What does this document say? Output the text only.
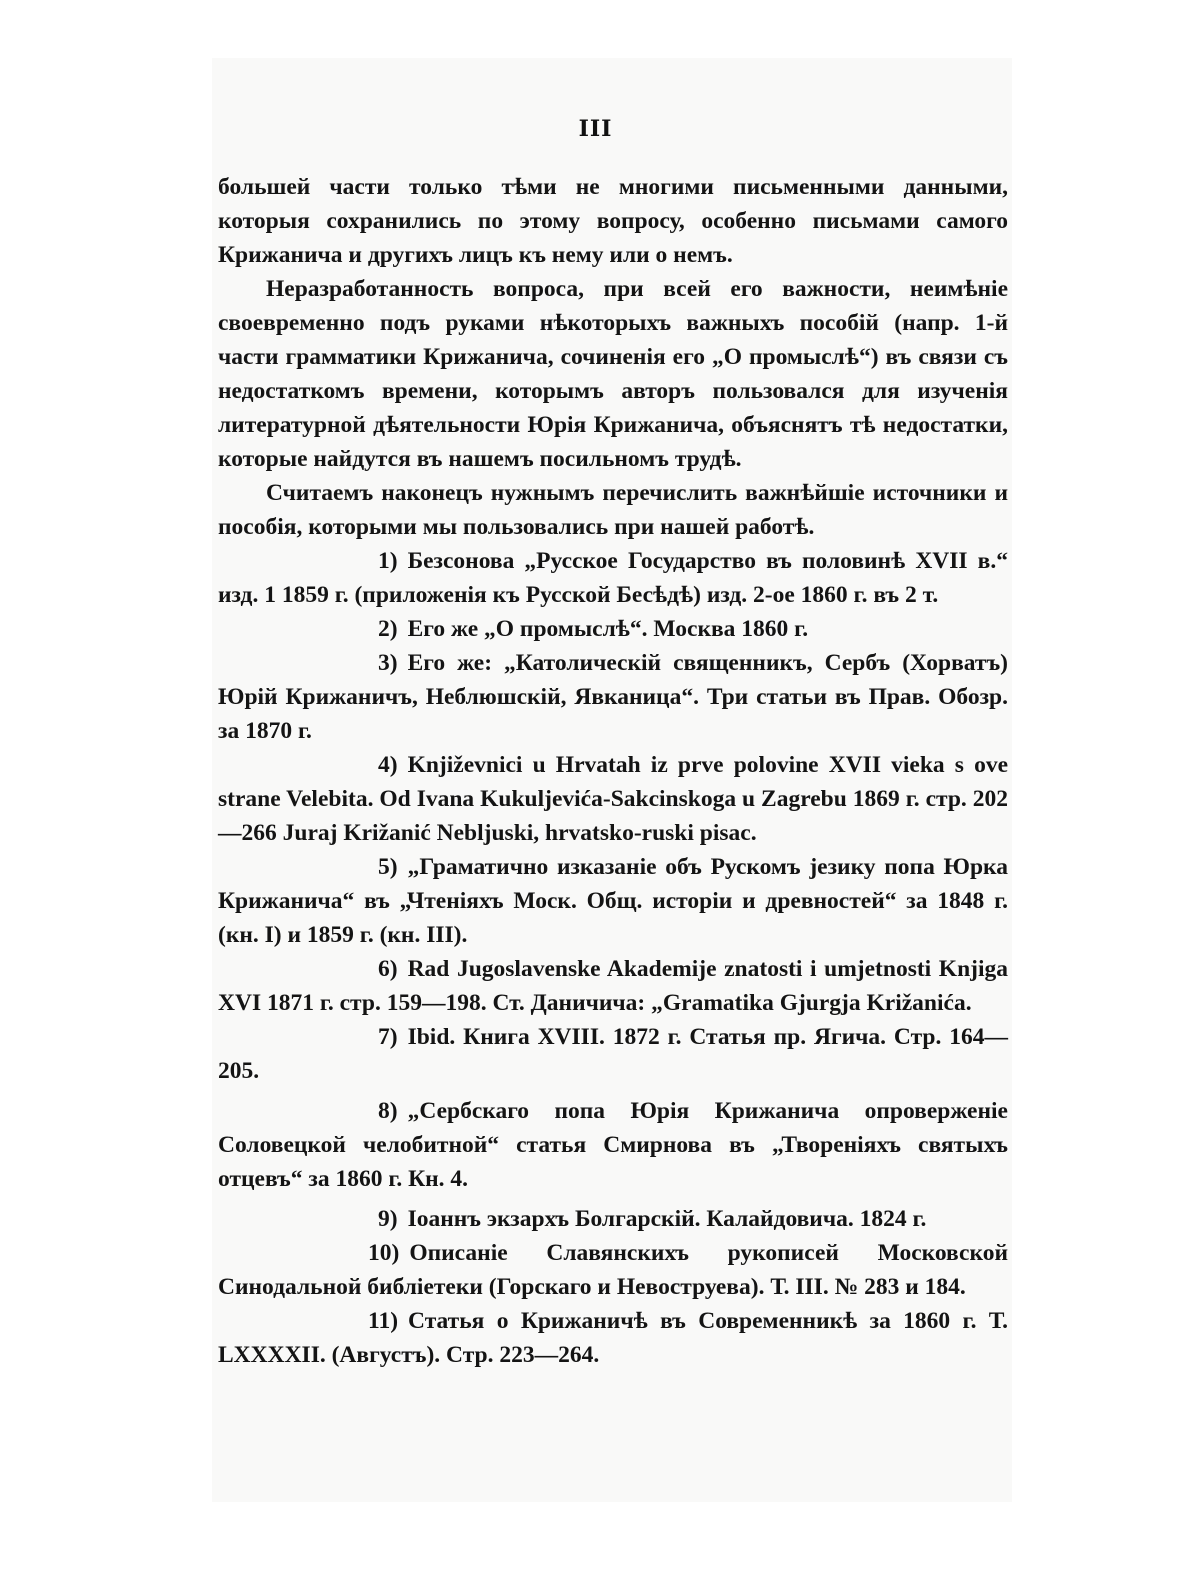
III

большей части только тѣми не многими письменными данными, которыя сохранились по этому вопросу, особенно письмами самого Крижанича и другихъ лицъ къ нему или о немъ.

Неразработанность вопроса, при всей его важности, неимѣніе своевременно подъ руками нѣкоторыхъ важныхъ пособій (напр. 1-й части грамматики Крижанича, сочиненія его „О промыслѣ“) въ связи съ недостаткомъ времени, которымъ авторъ пользовался для изученія литературной дѣятельности Юрія Крижанича, объяснятъ тѣ недостатки, которые найдутся въ нашемъ посильномъ трудѣ.

Считаемъ наконецъ нужнымъ перечислить важнѣйшіе источники и пособія, которыми мы пользовались при нашей работѣ.

1) Безсонова „Русское Государство въ половинѣ XVII в.“ изд. 1 1859 г. (приложенія къ Русской Бесѣдѣ) изд. 2-ое 1860 г. въ 2 т.

2) Его же „О промыслѣ“. Москва 1860 г.

3) Его же: „Католическій священникъ, Сербъ (Хорватъ) Юрій Крижаничъ, Неблюшскій, Явканица“. Три статьи въ Прав. Обозр. за 1870 г.

4) Književnici u Hrvatah iz prve polovine XVII vieka s ove strane Velebita. Od Ivana Kukuljevića-Sakcinskoga u Zagrebu 1869 г. стр. 202—266 Juraj Križanić Nebljuski, hrvatsko-ruski pisac.

5) „Граматично изказаніе объ Рускомъ језику попа Юрка Крижанича“ въ „Чтеніяхъ Моск. Общ. исторіи и древностей“ за 1848 г. (кн. I) и 1859 г. (кн. III).

6) Rad Jugoslavenske Akademije znatosti i umjetnosti Knjiga XVI 1871 г. стр. 159—198. Ст. Даничича: „Gramatika Gjurgja Križanića.

7) Ibid. Книга XVIII. 1872 г. Статья пр. Ягича. Стр. 164—205.

8) „Сербскаго попа Юрія Крижанича опроверженіе Соловецкой челобитной“ статья Смирнова въ „Твореніяхъ святыхъ отцевъ“ за 1860 г. Кн. 4.

9) Іоаннъ экзархъ Болгарскій. Калайдовича. 1824 г.

10) Описаніе Славянскихъ рукописей Московской Синодальной библіетеки (Горскаго и Невоструева). Т. III. № 283 и 184.

11) Статья о Крижаничѣ въ Современникѣ за 1860 г. Т. LXXXXII. (Августъ). Стр. 223—264.
